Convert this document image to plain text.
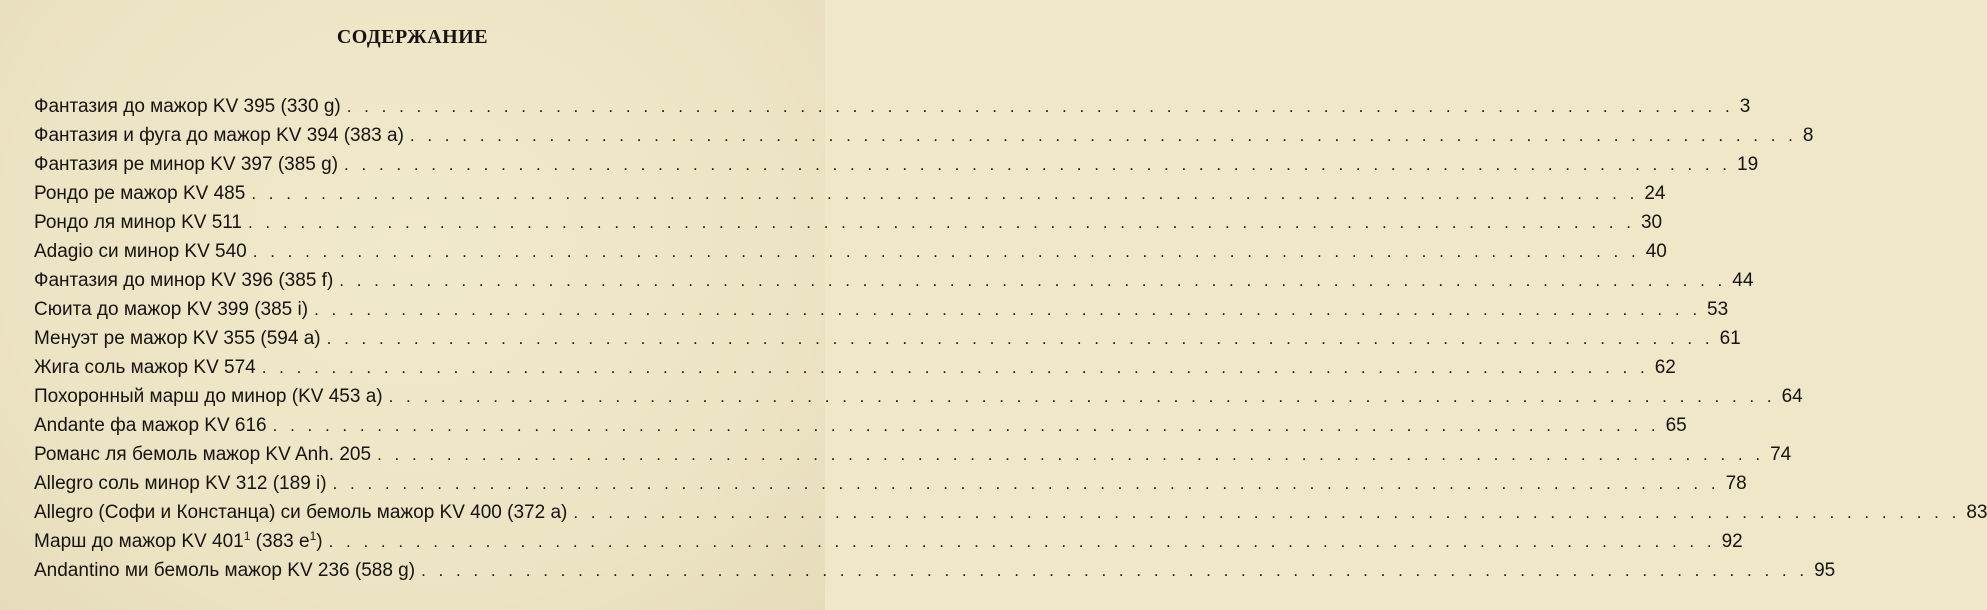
СОДЕРЖАНИЕ
Фантазия до мажор KV 395 (330 g) . . . . . . . . . . . . . . . . . . . . . . . . . . . . . . . . . . . . . . . . . . . . . . . . . . . . . . . . . . . . . . . . . . . . . . . . . . . . . . . . 3
Фантазия и фуга до мажор KV 394 (383 a) . . . . . . . . . . . . . . . . . . . . . . . . . . . . . . . . . . . . . . . . . . . . . . . . . . . . . . . . . . . . . . . . . . . . . . . . . . . . . . . . 8
Фантазия ре минор KV 397 (385 g) . . . . . . . . . . . . . . . . . . . . . . . . . . . . . . . . . . . . . . . . . . . . . . . . . . . . . . . . . . . . . . . . . . . . . . . . . . . . . . . . 19
Рондо ре мажор KV 485 . . . . . . . . . . . . . . . . . . . . . . . . . . . . . . . . . . . . . . . . . . . . . . . . . . . . . . . . . . . . . . . . . . . . . . . . . . . . . . . . 24
Рондо ля минор KV 511 . . . . . . . . . . . . . . . . . . . . . . . . . . . . . . . . . . . . . . . . . . . . . . . . . . . . . . . . . . . . . . . . . . . . . . . . . . . . . . . . 30
Adagio си минор KV 540 . . . . . . . . . . . . . . . . . . . . . . . . . . . . . . . . . . . . . . . . . . . . . . . . . . . . . . . . . . . . . . . . . . . . . . . . . . . . . . . . 40
Фантазия до минор KV 396 (385 f) . . . . . . . . . . . . . . . . . . . . . . . . . . . . . . . . . . . . . . . . . . . . . . . . . . . . . . . . . . . . . . . . . . . . . . . . . . . . . . . . 44
Сюита до мажор KV 399 (385 i) . . . . . . . . . . . . . . . . . . . . . . . . . . . . . . . . . . . . . . . . . . . . . . . . . . . . . . . . . . . . . . . . . . . . . . . . . . . . . . . . 53
Менуэт ре мажор KV 355 (594 a) . . . . . . . . . . . . . . . . . . . . . . . . . . . . . . . . . . . . . . . . . . . . . . . . . . . . . . . . . . . . . . . . . . . . . . . . . . . . . . . . 61
Жига соль мажор KV 574 . . . . . . . . . . . . . . . . . . . . . . . . . . . . . . . . . . . . . . . . . . . . . . . . . . . . . . . . . . . . . . . . . . . . . . . . . . . . . . . . 62
Похоронный марш до минор (KV 453 a) . . . . . . . . . . . . . . . . . . . . . . . . . . . . . . . . . . . . . . . . . . . . . . . . . . . . . . . . . . . . . . . . . . . . . . . . . . . . . . . . 64
Andante фа мажор KV 616 . . . . . . . . . . . . . . . . . . . . . . . . . . . . . . . . . . . . . . . . . . . . . . . . . . . . . . . . . . . . . . . . . . . . . . . . . . . . . . . . 65
Романс ля бемоль мажор KV Anh. 205 . . . . . . . . . . . . . . . . . . . . . . . . . . . . . . . . . . . . . . . . . . . . . . . . . . . . . . . . . . . . . . . . . . . . . . . . . . . . . . . . 74
Allegro соль минор KV 312 (189 i) . . . . . . . . . . . . . . . . . . . . . . . . . . . . . . . . . . . . . . . . . . . . . . . . . . . . . . . . . . . . . . . . . . . . . . . . . . . . . . . . 78
Allegro (Софи и Констанца) си бемоль мажор KV 400 (372 a) . . . . . . . . . . . . . . . . . . . . . . . . . . . . . . . . . . . . . . . . . . . . . . . . . . . . . . . . . . . . . . . . . . . . . . . . . . . . . . . . 83
Марш до мажор KV $401^1$ (383 $e^1$) . . . . . . . . . . . . . . . . . . . . . . . . . . . . . . . . . . . . . . . . . . . . . . . . . . . . . . . . . . . . . . . . . . . . . . . . . . . . . . . . 92
Andantino ми бемоль мажор KV 236 (588 g) . . . . . . . . . . . . . . . . . . . . . . . . . . . . . . . . . . . . . . . . . . . . . . . . . . . . . . . . . . . . . . . . . . . . . . . . . . . . . . . . 95
